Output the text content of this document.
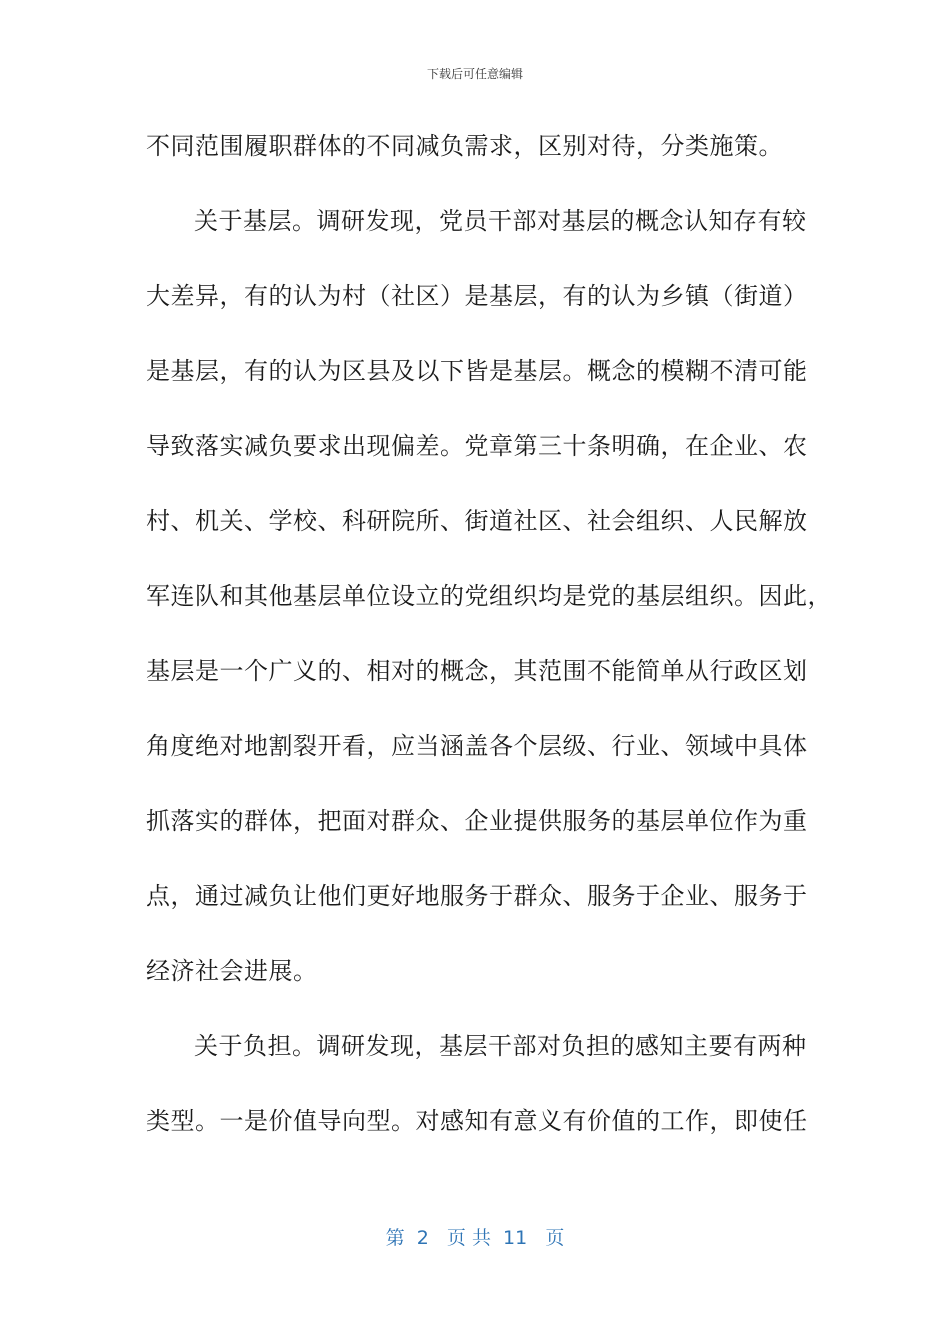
下载后可任意编辑
不同范围履职群体的不同减负需求，区别对待，分类施策。
关于基层。调研发现，党员干部对基层的概念认知存有较
大差异，有的认为村（社区）是基层，有的认为乡镇（街道）
是基层，有的认为区县及以下皆是基层。概念的模糊不清可能
导致落实减负要求出现偏差。党章第三十条明确，在企业、农
村、机关、学校、科研院所、街道社区、社会组织、人民解放
军连队和其他基层单位设立的党组织均是党的基层组织。因此，
基层是一个广义的、相对的概念，其范围不能简单从行政区划
角度绝对地割裂开看，应当涵盖各个层级、行业、领域中具体
抓落实的群体，把面对群众、企业提供服务的基层单位作为重
点，通过减负让他们更好地服务于群众、服务于企业、服务于
经济社会进展。
关于负担。调研发现，基层干部对负担的感知主要有两种
类型。一是价值导向型。对感知有意义有价值的工作，即使任
第  2   页 共  11   页
